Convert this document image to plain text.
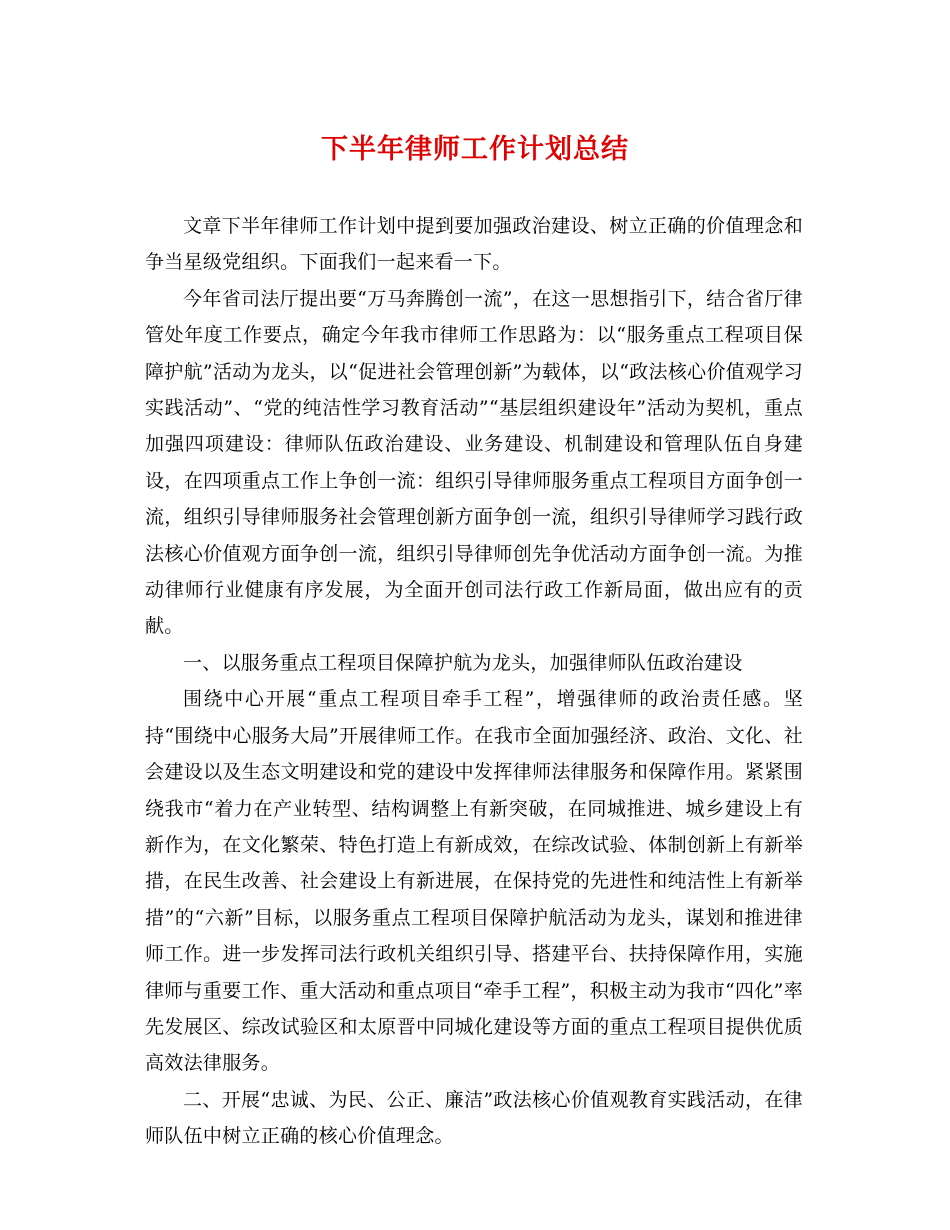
下半年律师工作计划总结

文章下半年律师工作计划中提到要加强政治建设、树立正确的价值理念和争当星级党组织。下面我们一起来看一下。

今年省司法厅提出要“万马奔腾创一流”，在这一思想指引下，结合省厅律管处年度工作要点，确定今年我市律师工作思路为：以“服务重点工程项目保障护航”活动为龙头，以“促进社会管理创新”为载体，以“政法核心价值观学习实践活动”、“党的纯洁性学习教育活动”“基层组织建设年”活动为契机，重点加强四项建设：律师队伍政治建设、业务建设、机制建设和管理队伍自身建设，在四项重点工作上争创一流：组织引导律师服务重点工程项目方面争创一流，组织引导律师服务社会管理创新方面争创一流，组织引导律师学习践行政法核心价值观方面争创一流，组织引导律师创先争优活动方面争创一流。为推动律师行业健康有序发展，为全面开创司法行政工作新局面，做出应有的贡献。

一、以服务重点工程项目保障护航为龙头，加强律师队伍政治建设

围绕中心开展“重点工程项目牵手工程”，增强律师的政治责任感。坚持“围绕中心服务大局”开展律师工作。在我市全面加强经济、政治、文化、社会建设以及生态文明建设和党的建设中发挥律师法律服务和保障作用。紧紧围绕我市“着力在产业转型、结构调整上有新突破，在同城推进、城乡建设上有新作为，在文化繁荣、特色打造上有新成效，在综改试验、体制创新上有新举措，在民生改善、社会建设上有新进展，在保持党的先进性和纯洁性上有新举措”的“六新”目标，以服务重点工程项目保障护航活动为龙头，谋划和推进律师工作。进一步发挥司法行政机关组织引导、搭建平台、扶持保障作用，实施律师与重要工作、重大活动和重点项目“牵手工程”，积极主动为我市“四化”率先发展区、综改试验区和太原晋中同城化建设等方面的重点工程项目提供优质高效法律服务。

二、开展“忠诚、为民、公正、廉洁”政法核心价值观教育实践活动，在律师队伍中树立正确的核心价值理念。
